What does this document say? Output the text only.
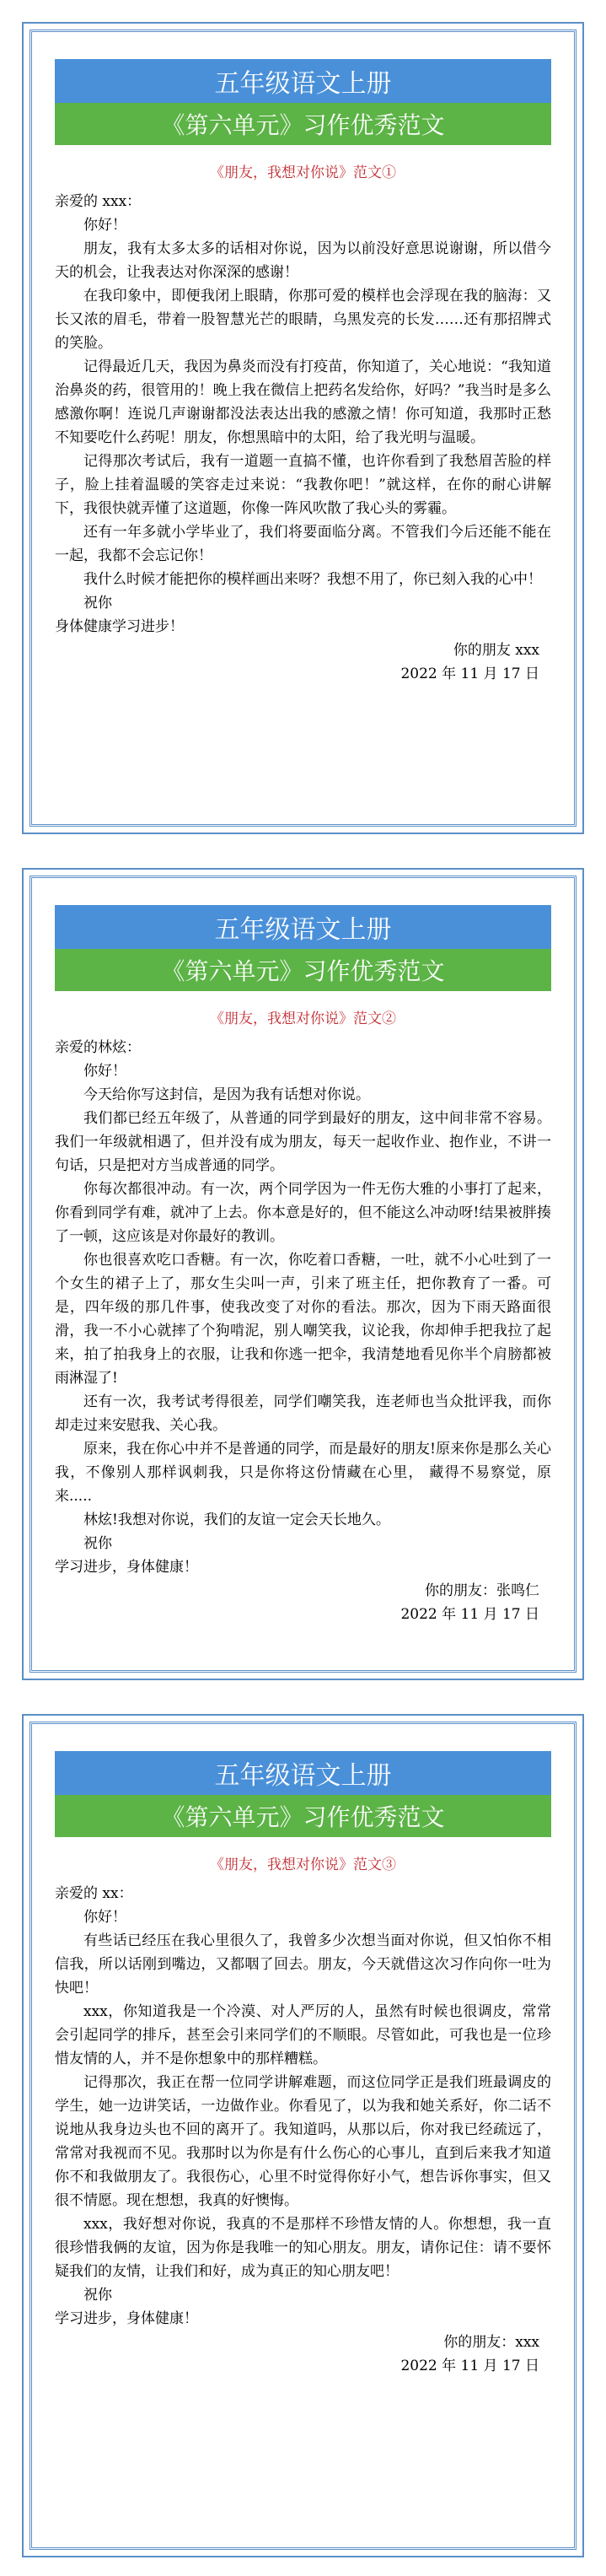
五年级语文上册
《第六单元》习作优秀范文
《朋友，我想对你说》范文①

亲爱的 xxx：

你好！

朋友，我有太多太多的话相对你说，因为以前没好意思说谢谢，所以借今天的机会，让我表达对你深深的感谢！

在我印象中，即便我闭上眼睛，你那可爱的模样也会浮现在我的脑海：又长又浓的眉毛，带着一股智慧光芒的眼睛，乌黑发亮的长发……还有那招牌式的笑脸。

记得最近几天，我因为鼻炎而没有打疫苗，你知道了，关心地说：“我知道治鼻炎的药，很管用的！晚上我在微信上把药名发给你，好吗？”我当时是多么感激你啊！连说几声谢谢都没法表达出我的感激之情！你可知道，我那时正愁不知要吃什么药呢！朋友，你想黑暗中的太阳，给了我光明与温暖。

记得那次考试后，我有一道题一直搞不懂，也许你看到了我愁眉苦脸的样子，脸上挂着温暖的笑容走过来说：“我教你吧！”就这样，在你的耐心讲解下，我很快就弄懂了这道题，你像一阵风吹散了我心头的雾霾。

还有一年多就小学毕业了，我们将要面临分离。不管我们今后还能不能在一起，我都不会忘记你！

我什么时候才能把你的模样画出来呀？我想不用了，你已刻入我的心中！

祝你

身体健康学习进步！

你的朋友 xxx

2022 年 11 月 17 日

五年级语文上册
《第六单元》习作优秀范文
《朋友，我想对你说》范文②

亲爱的林炫：

你好！

今天给你写这封信，是因为我有话想对你说。

我们都已经五年级了，从普通的同学到最好的朋友，这中间非常不容易。我们一年级就相遇了，但并没有成为朋友，每天一起收作业、抱作业，不讲一句话，只是把对方当成普通的同学。

你每次都很冲动。有一次，两个同学因为一件无伤大雅的小事打了起来，你看到同学有难，就冲了上去。你本意是好的，但不能这么冲动呀!结果被胖揍了一顿，这应该是对你最好的教训。

你也很喜欢吃口香糖。有一次，你吃着口香糖，一吐，就不小心吐到了一个女生的裙子上了，那女生尖叫一声，引来了班主任，把你教育了一番。可是，四年级的那几件事，使我改变了对你的看法。那次，因为下雨天路面很滑，我一不小心就摔了个狗啃泥，别人嘲笑我，议论我，你却伸手把我拉了起来，拍了拍我身上的衣服，让我和你逃一把伞，我清楚地看见你半个肩膀都被雨淋湿了!

还有一次，我考试考得很差，同学们嘲笑我，连老师也当众批评我，而你却走过来安慰我、关心我。

原来，我在你心中并不是普通的同学，而是最好的朋友!原来你是那么关心我，不像别人那样讽刺我，只是你将这份情藏在心里， 藏得不易察觉，原来.....

林炫!我想对你说，我们的友谊一定会天长地久。

祝你

学习进步，身体健康！

你的朋友：张鸣仁

2022 年 11 月 17 日

五年级语文上册
《第六单元》习作优秀范文
《朋友，我想对你说》范文③

亲爱的 xx：

你好！

有些话已经压在我心里很久了，我曾多少次想当面对你说，但又怕你不相信我，所以话刚到嘴边，又都咽了回去。朋友，今天就借这次习作向你一吐为快吧！

xxx，你知道我是一个冷漠、对人严厉的人，虽然有时候也很调皮，常常会引起同学的排斥，甚至会引来同学们的不顺眼。尽管如此，可我也是一位珍惜友情的人，并不是你想象中的那样糟糕。

记得那次，我正在帮一位同学讲解难题，而这位同学正是我们班最调皮的学生，她一边讲笑话，一边做作业。你看见了，以为我和她关系好，你二话不说地从我身边头也不回的离开了。我知道吗，从那以后，你对我已经疏远了，常常对我视而不见。我那时以为你是有什么伤心的心事儿，直到后来我才知道你不和我做朋友了。我很伤心，心里不时觉得你好小气，想告诉你事实，但又很不情愿。现在想想，我真的好懊悔。

xxx，我好想对你说，我真的不是那样不珍惜友情的人。你想想，我一直很珍惜我俩的友谊，因为你是我唯一的知心朋友。朋友，请你记住：请不要怀疑我们的友情，让我们和好，成为真正的知心朋友吧！

祝你

学习进步，身体健康！

你的朋友：xxx

2022 年 11 月 17 日
